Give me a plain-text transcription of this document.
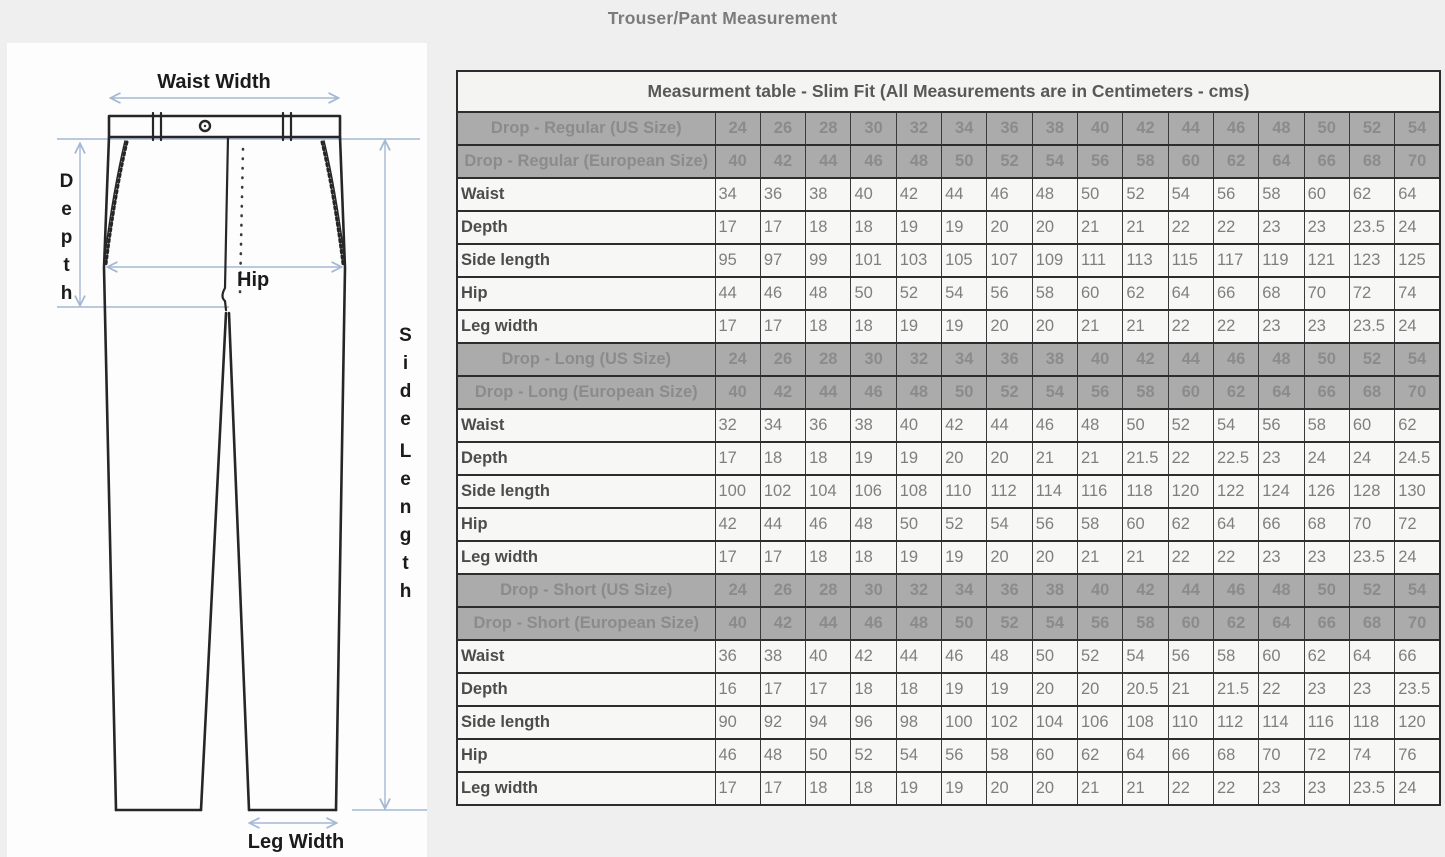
Trouser/Pant Measurement
Waist Width
Depth	Hip
Side
Length
Leg Width
Measurment table - Slim Fit (All Measurements are in Centimeters - cms)																
Drop - Regular (US Size)	24	26	28	30	32	34	36	38	40	42	44	46	48	50	52	54
Drop - Regular (European Size)	40	42	44	46	48	50	52	54	56	58	60	62	64	66	68	70
Waist	34	36	38	40	42	44	46	48	50	52	54	56	58	60	62	64
Depth	17	17	18	18	19	19	20	20	21	21	22	22	23	23	23.5	24
Side length	95	97	99	101	103	105	107	109	111	113	115	117	119	121	123	125
Hip	44	46	48	50	52	54	56	58	60	62	64	66	68	70	72	74
Leg width	17	17	18	18	19	19	20	20	21	21	22	22	23	23	23.5	24
Drop - Long (US Size)	24	26	28	30	32	34	36	38	40	42	44	46	48	50	52	54
Drop - Long (European Size)	40	42	44	46	48	50	52	54	56	58	60	62	64	66	68	70
Waist	32	34	36	38	40	42	44	46	48	50	52	54	56	58	60	62
Depth	17	18	18	19	19	20	20	21	21	21.5	22	22.5	23	24	24	24.5
Side length	100	102	104	106	108	110	112	114	116	118	120	122	124	126	128	130
Hip	42	44	46	48	50	52	54	56	58	60	62	64	66	68	70	72
Leg width	17	17	18	18	19	19	20	20	21	21	22	22	23	23	23.5	24
Drop - Short (US Size)	24	26	28	30	32	34	36	38	40	42	44	46	48	50	52	54
Drop - Short (European Size)	40	42	44	46	48	50	52	54	56	58	60	62	64	66	68	70
Waist	36	38	40	42	44	46	48	50	52	54	56	58	60	62	64	66
Depth	16	17	17	18	18	19	19	20	20	20.5	21	21.5	22	23	23	23.5
Side length	90	92	94	96	98	100	102	104	106	108	110	112	114	116	118	120
Hip	46	48	50	52	54	56	58	60	62	64	66	68	70	72	74	76
Leg width	17	17	18	18	19	19	20	20	21	21	22	22	23	23	23.5	24
